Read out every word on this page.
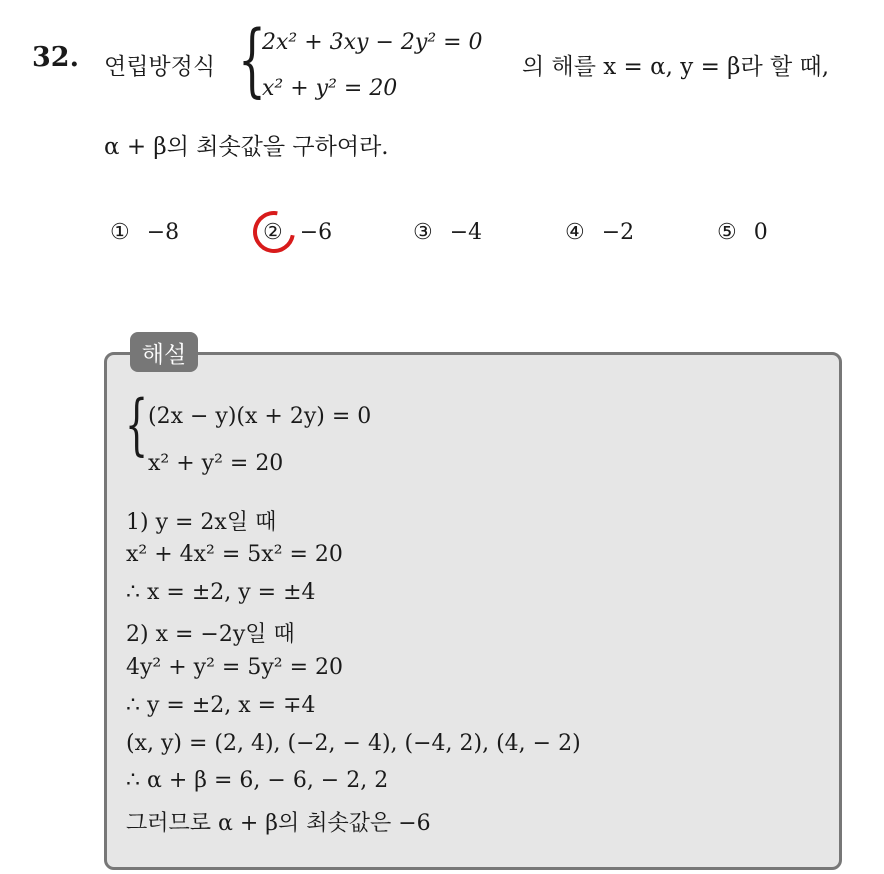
32. 연립방정식 {
2x² + 3xy − 2y² = 0
x² + y² = 20
의 해를 x = α, y = β라 할 때,
α + β의 최솟값을 구하여라.
① −8	② −6	③ −4	④ −2	⑤ 0
해설
{ (2x − y)(x + 2y) = 0
x² + y² = 20
1) y = 2x일 때
x² + 4x² = 5x² = 20
∴ x = ±2, y = ±4
2) x = −2y일 때
4y² + y² = 5y² = 20
∴ y = ±2, x = ∓4
(x, y) = (2, 4), (−2, − 4), (−4, 2), (4, − 2)
∴ α + β = 6, − 6, − 2, 2
그러므로 α + β의 최솟값은 −6
